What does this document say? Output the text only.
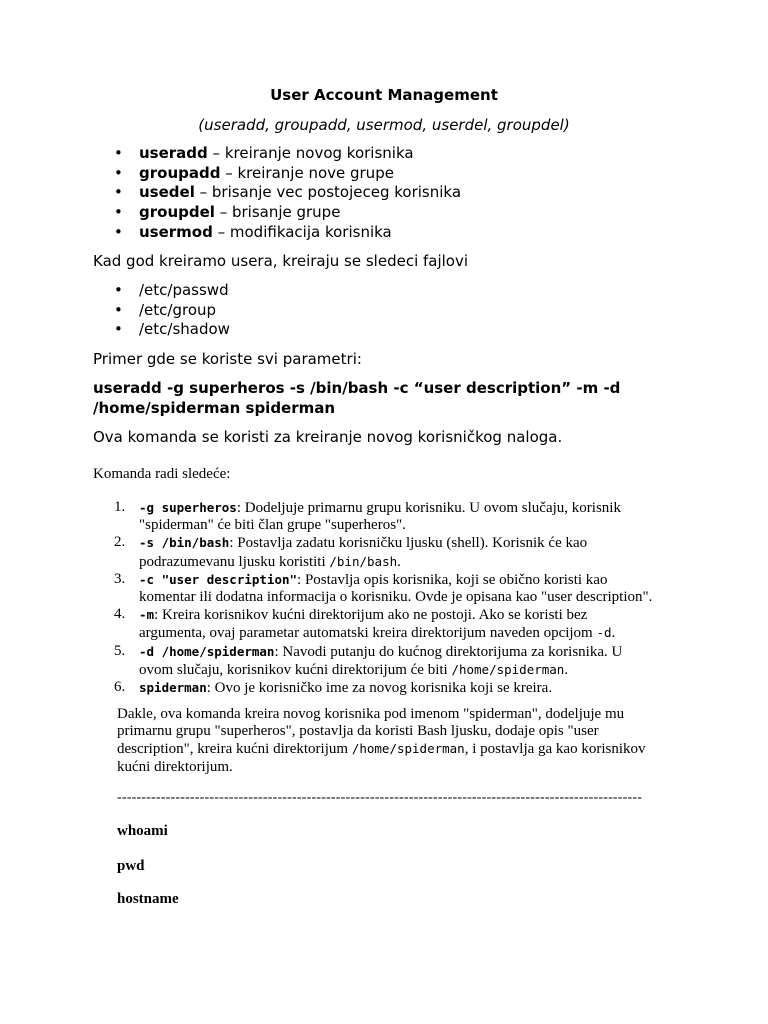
User Account Management
(useradd, groupadd, usermod, userdel, groupdel)
• useradd – kreiranje novog korisnika
• groupadd – kreiranje nove grupe
• usedel – brisanje vec postojeceg korisnika
• groupdel – brisanje grupe
• usermod – modifikacija korisnika
Kad god kreiramo usera, kreiraju se sledeci fajlovi
• /etc/passwd
• /etc/group
• /etc/shadow
Primer gde se koriste svi parametri:
useradd -g superheros -s /bin/bash -c “user description” -m -d
/home/spiderman spiderman
Ova komanda se koristi za kreiranje novog korisničkog naloga.
Komanda radi sledeće:
1. -g superheros: Dodeljuje primarnu grupu korisniku. U ovom slučaju, korisnik
"spiderman" će biti član grupe "superheros".
2. -s /bin/bash: Postavlja zadatu korisničku ljusku (shell). Korisnik će kao
podrazumevanu ljusku koristiti /bin/bash.
3. -c "user description": Postavlja opis korisnika, koji se obično koristi kao
komentar ili dodatna informacija o korisniku. Ovde je opisana kao "user description".
4. -m: Kreira korisnikov kućni direktorijum ako ne postoji. Ako se koristi bez
argumenta, ovaj parametar automatski kreira direktorijum naveden opcijom -d.
5. -d /home/spiderman: Navodi putanju do kućnog direktorijuma za korisnika. U
ovom slučaju, korisnikov kućni direktorijum će biti /home/spiderman.
6. spiderman: Ovo je korisničko ime za novog korisnika koji se kreira.
Dakle, ova komanda kreira novog korisnika pod imenom "spiderman", dodeljuje mu
primarnu grupu "superheros", postavlja da koristi Bash ljusku, dodaje opis "user
description", kreira kućni direktorijum /home/spiderman, i postavlja ga kao korisnikov
kućni direktorijum.
------------------------------------------------------------------------------------------------------------
whoami
pwd
hostname
